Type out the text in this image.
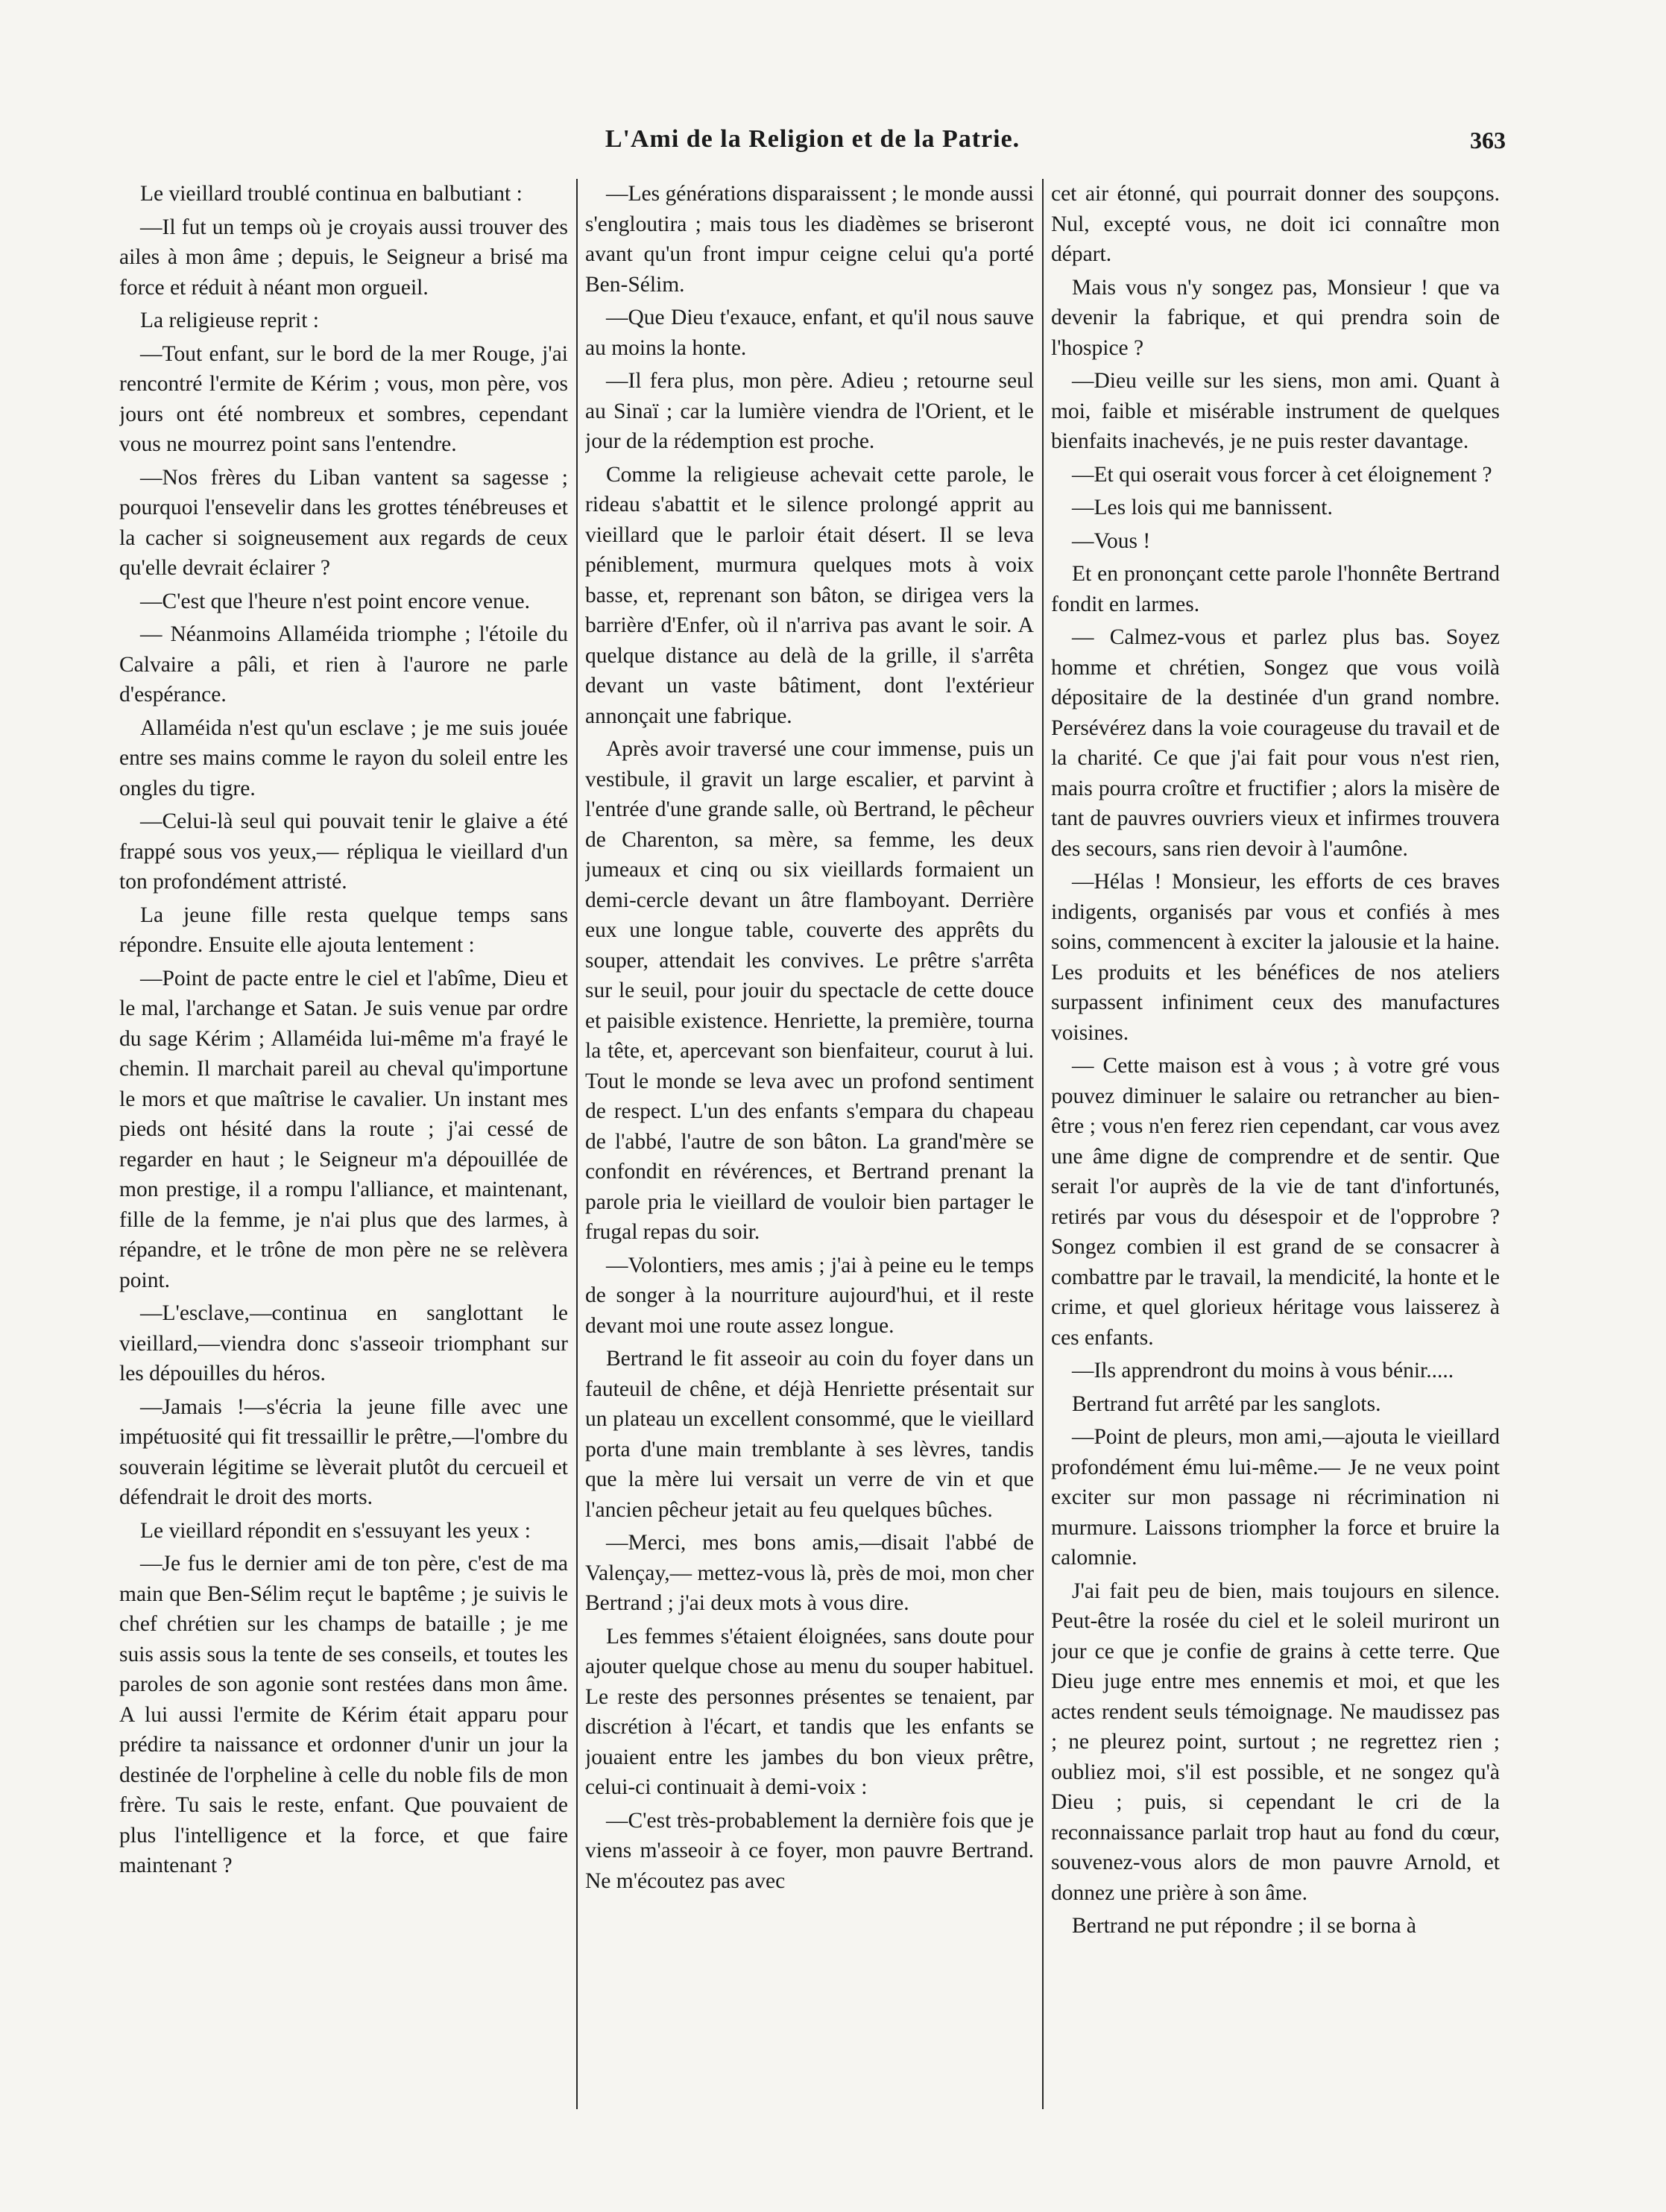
L'Ami de la Religion et de la Patrie.	363

Le vieillard troublé continua en balbutiant :

—Il fut un temps où je croyais aussi trouver des ailes à mon âme ; depuis, le Seigneur a brisé ma force et réduit à néant mon orgueil.

La religieuse reprit :

—Tout enfant, sur le bord de la mer Rouge, j'ai rencontré l'ermite de Kérim ; vous, mon père, vos jours ont été nombreux et sombres, cependant vous ne mourrez point sans l'entendre.

—Nos frères du Liban vantent sa sagesse ; pourquoi l'ensevelir dans les grottes ténébreuses et la cacher si soigneusement aux regards de ceux qu'elle devrait éclairer ?

—C'est que l'heure n'est point encore venue.

— Néanmoins Allaméida triomphe ; l'étoile du Calvaire a pâli, et rien à l'aurore ne parle d'espérance.

Allaméida n'est qu'un esclave ; je me suis jouée entre ses mains comme le rayon du soleil entre les ongles du tigre.

—Celui-là seul qui pouvait tenir le glaive a été frappé sous vos yeux,— répliqua le vieillard d'un ton profondément attristé.

La jeune fille resta quelque temps sans répondre. Ensuite elle ajouta lentement :

—Point de pacte entre le ciel et l'abîme, Dieu et le mal, l'archange et Satan. Je suis venue par ordre du sage Kérim ; Allaméida lui-même m'a frayé le chemin. Il marchait pareil au cheval qu'importune le mors et que maîtrise le cavalier. Un instant mes pieds ont hésité dans la route ; j'ai cessé de regarder en haut ; le Seigneur m'a dépouillée de mon prestige, il a rompu l'alliance, et maintenant, fille de la femme, je n'ai plus que des larmes, à répandre, et le trône de mon père ne se relèvera point.

—L'esclave,—continua en sanglottant le vieillard,—viendra donc s'asseoir triomphant sur les dépouilles du héros.

—Jamais !—s'écria la jeune fille avec une impétuosité qui fit tressaillir le prêtre,—l'ombre du souverain légitime se lèverait plutôt du cercueil et défendrait le droit des morts.

Le vieillard répondit en s'essuyant les yeux :

—Je fus le dernier ami de ton père, c'est de ma main que Ben-Sélim reçut le baptême ; je suivis le chef chrétien sur les champs de bataille ; je me suis assis sous la tente de ses conseils, et toutes les paroles de son agonie sont restées dans mon âme. A lui aussi l'ermite de Kérim était apparu pour prédire ta naissance et ordonner d'unir un jour la destinée de l'orpheline à celle du noble fils de mon frère. Tu sais le reste, enfant. Que pouvaient de plus l'intelligence et la force, et que faire maintenant ?

—Les générations disparaissent ; le monde aussi s'engloutira ; mais tous les diadèmes se briseront avant qu'un front impur ceigne celui qu'a porté Ben-Sélim.

—Que Dieu t'exauce, enfant, et qu'il nous sauve au moins la honte.

—Il fera plus, mon père. Adieu ; retourne seul au Sinaï ; car la lumière viendra de l'Orient, et le jour de la rédemption est proche.

Comme la religieuse achevait cette parole, le rideau s'abattit et le silence prolongé apprit au vieillard que le parloir était désert. Il se leva péniblement, murmura quelques mots à voix basse, et, reprenant son bâton, se dirigea vers la barrière d'Enfer, où il n'arriva pas avant le soir. A quelque distance au delà de la grille, il s'arrêta devant un vaste bâtiment, dont l'extérieur annonçait une fabrique.

Après avoir traversé une cour immense, puis un vestibule, il gravit un large escalier, et parvint à l'entrée d'une grande salle, où Bertrand, le pêcheur de Charenton, sa mère, sa femme, les deux jumeaux et cinq ou six vieillards formaient un demi-cercle devant un âtre flamboyant. Derrière eux une longue table, couverte des apprêts du souper, attendait les convives. Le prêtre s'arrêta sur le seuil, pour jouir du spectacle de cette douce et paisible existence. Henriette, la première, tourna la tête, et, apercevant son bienfaiteur, courut à lui. Tout le monde se leva avec un profond sentiment de respect. L'un des enfants s'empara du chapeau de l'abbé, l'autre de son bâton. La grand'mère se confondit en révérences, et Bertrand prenant la parole pria le vieillard de vouloir bien partager le frugal repas du soir.

—Volontiers, mes amis ; j'ai à peine eu le temps de songer à la nourriture aujourd'hui, et il reste devant moi une route assez longue.

Bertrand le fit asseoir au coin du foyer dans un fauteuil de chêne, et déjà Henriette présentait sur un plateau un excellent consommé, que le vieillard porta d'une main tremblante à ses lèvres, tandis que la mère lui versait un verre de vin et que l'ancien pêcheur jetait au feu quelques bûches.

—Merci, mes bons amis,—disait l'abbé de Valençay,— mettez-vous là, près de moi, mon cher Bertrand ; j'ai deux mots à vous dire.

Les femmes s'étaient éloignées, sans doute pour ajouter quelque chose au menu du souper habituel. Le reste des personnes présentes se tenaient, par discrétion à l'écart, et tandis que les enfants se jouaient entre les jambes du bon vieux prêtre, celui-ci continuait à demi-voix :

—C'est très-probablement la dernière fois que je viens m'asseoir à ce foyer, mon pauvre Bertrand. Ne m'écoutez pas avec

cet air étonné, qui pourrait donner des soupçons. Nul, excepté vous, ne doit ici connaître mon départ.

Mais vous n'y songez pas, Monsieur ! que va devenir la fabrique, et qui prendra soin de l'hospice ?

—Dieu veille sur les siens, mon ami. Quant à moi, faible et misérable instrument de quelques bienfaits inachevés, je ne puis rester davantage.

—Et qui oserait vous forcer à cet éloignement ?

—Les lois qui me bannissent.

—Vous !

Et en prononçant cette parole l'honnête Bertrand fondit en larmes.

— Calmez-vous et parlez plus bas. Soyez homme et chrétien, Songez que vous voilà dépositaire de la destinée d'un grand nombre. Persévérez dans la voie courageuse du travail et de la charité. Ce que j'ai fait pour vous n'est rien, mais pourra croître et fructifier ; alors la misère de tant de pauvres ouvriers vieux et infirmes trouvera des secours, sans rien devoir à l'aumône.

—Hélas ! Monsieur, les efforts de ces braves indigents, organisés par vous et confiés à mes soins, commencent à exciter la jalousie et la haine. Les produits et les bénéfices de nos ateliers surpassent infiniment ceux des manufactures voisines.

— Cette maison est à vous ; à votre gré vous pouvez diminuer le salaire ou retrancher au bien-être ; vous n'en ferez rien cependant, car vous avez une âme digne de comprendre et de sentir. Que serait l'or auprès de la vie de tant d'infortunés, retirés par vous du désespoir et de l'opprobre ? Songez combien il est grand de se consacrer à combattre par le travail, la mendicité, la honte et le crime, et quel glorieux héritage vous laisserez à ces enfants.

—Ils apprendront du moins à vous bénir.....

Bertrand fut arrêté par les sanglots.

—Point de pleurs, mon ami,—ajouta le vieillard profondément ému lui-même.— Je ne veux point exciter sur mon passage ni récrimination ni murmure. Laissons triompher la force et bruire la calomnie.

J'ai fait peu de bien, mais toujours en silence. Peut-être la rosée du ciel et le soleil muriront un jour ce que je confie de grains à cette terre. Que Dieu juge entre mes ennemis et moi, et que les actes rendent seuls témoignage. Ne maudissez pas ; ne pleurez point, surtout ; ne regrettez rien ; oubliez moi, s'il est possible, et ne songez qu'à Dieu ; puis, si cependant le cri de la reconnaissance parlait trop haut au fond du cœur, souvenez-vous alors de mon pauvre Arnold, et donnez une prière à son âme.

Bertrand ne put répondre ; il se borna à
